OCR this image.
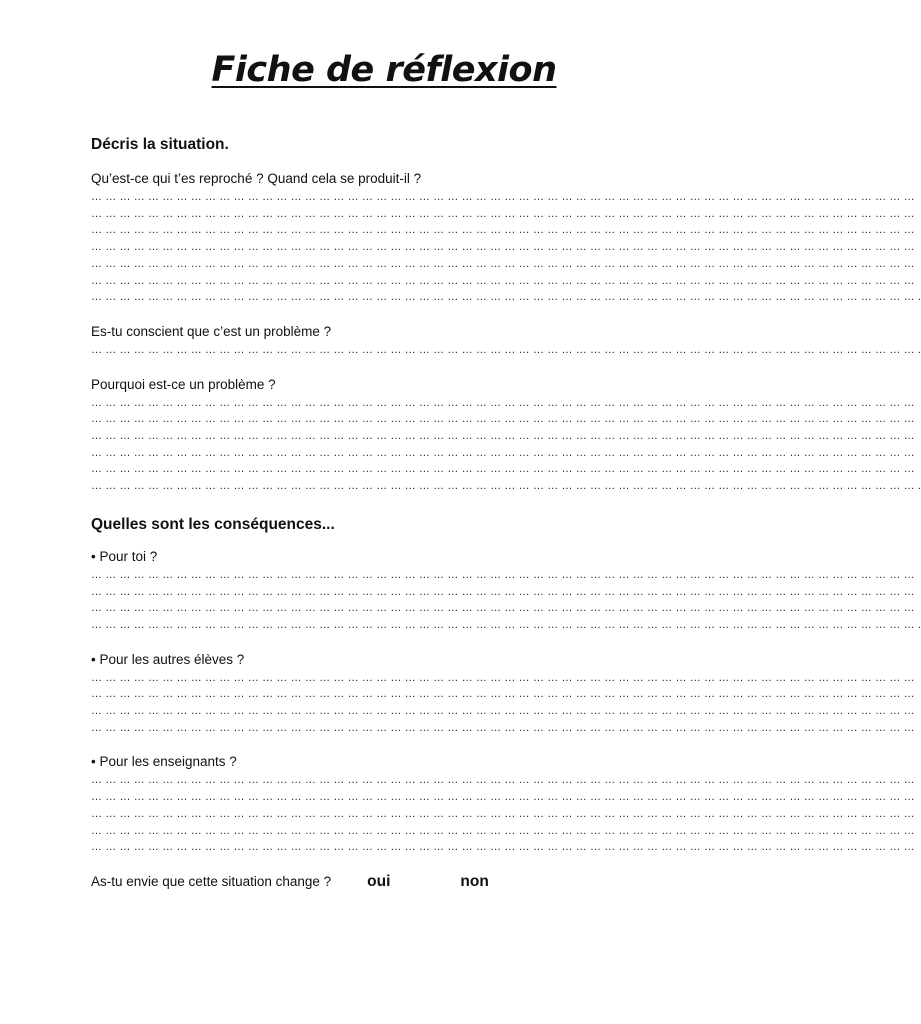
Fiche de réflexion
Décris la situation.
Qu’est-ce qui t’es reproché ? Quand cela se produit-il ?
… … … … … … … … … … … … … … … … … … … … … … … … … … … … … … … … … … … … … … … … … … … … … … … … … … … … … … … … … …
… … … … … … … … … … … … … … … … … … … … … … … … … … … … … … … … … … … … … … … … … … … … … … … … … … … … … … … … … …
… … … … … … … … … … … … … … … … … … … … … … … … … … … … … … … … … … … … … … … … … … … … … … … … … … … … … … … … … …
… … … … … … … … … … … … … … … … … … … … … … … … … … … … … … … … … … … … … … … … … … … … … … … … … … … … … … … … … …
… … … … … … … … … … … … … … … … … … … … … … … … … … … … … … … … … … … … … … … … … … … … … … … … … … … … … … … … … …
… … … … … … … … … … … … … … … … … … … … … … … … … … … … … … … … … … … … … … … … … … … … … … … … … … … … … … … … … …
… … … … … … … … … … … … … … … … … … … … … … … … … … … … … … … … … … … … … … … … … … … … … … … … … … … … … … … … … … .
Es-tu conscient que c’est un problème ?
… … … … … … … … … … … … … … … … … … … … … … … … … … … … … … … … … … … … … … … … … … … … … … … … … … … … … … … … … … .
Pourquoi est-ce un problème ?
… … … … … … … … … … … … … … … … … … … … … … … … … … … … … … … … … … … … … … … … … … … … … … … … … … … … … … … … … …
… … … … … … … … … … … … … … … … … … … … … … … … … … … … … … … … … … … … … … … … … … … … … … … … … … … … … … … … … …
… … … … … … … … … … … … … … … … … … … … … … … … … … … … … … … … … … … … … … … … … … … … … … … … … … … … … … … … … …
… … … … … … … … … … … … … … … … … … … … … … … … … … … … … … … … … … … … … … … … … … … … … … … … … … … … … … … … … …
… … … … … … … … … … … … … … … … … … … … … … … … … … … … … … … … … … … … … … … … … … … … … … … … … … … … … … … … … …
… … … … … … … … … … … … … … … … … … … … … … … … … … … … … … … … … … … … … … … … … … … … … … … … … … … … … … … … … … .
Quelles sont les conséquences...
• Pour toi ?
… … … … … … … … … … … … … … … … … … … … … … … … … … … … … … … … … … … … … … … … … … … … … … … … … … … … … … … … … …
… … … … … … … … … … … … … … … … … … … … … … … … … … … … … … … … … … … … … … … … … … … … … … … … … … … … … … … … … …
… … … … … … … … … … … … … … … … … … … … … … … … … … … … … … … … … … … … … … … … … … … … … … … … … … … … … … … … … …
… … … … … … … … … … … … … … … … … … … … … … … … … … … … … … … … … … … … … … … … … … … … … … … … … … … … … … … … … … .
• Pour les autres élèves ?
… … … … … … … … … … … … … … … … … … … … … … … … … … … … … … … … … … … … … … … … … … … … … … … … … … … … … … … … … …
… … … … … … … … … … … … … … … … … … … … … … … … … … … … … … … … … … … … … … … … … … … … … … … … … … … … … … … … … …
… … … … … … … … … … … … … … … … … … … … … … … … … … … … … … … … … … … … … … … … … … … … … … … … … … … … … … … … … …
… … … … … … … … … … … … … … … … … … … … … … … … … … … … … … … … … … … … … … … … … … … … … … … … … … … … … … … … … …
• Pour les enseignants ?
… … … … … … … … … … … … … … … … … … … … … … … … … … … … … … … … … … … … … … … … … … … … … … … … … … … … … … … … … …
… … … … … … … … … … … … … … … … … … … … … … … … … … … … … … … … … … … … … … … … … … … … … … … … … … … … … … … … … …
… … … … … … … … … … … … … … … … … … … … … … … … … … … … … … … … … … … … … … … … … … … … … … … … … … … … … … … … … …
… … … … … … … … … … … … … … … … … … … … … … … … … … … … … … … … … … … … … … … … … … … … … … … … … … … … … … … … … …
… … … … … … … … … … … … … … … … … … … … … … … … … … … … … … … … … … … … … … … … … … … … … … … … … … … … … … … … … …
As-tu envie que cette situation change ? oui	non
